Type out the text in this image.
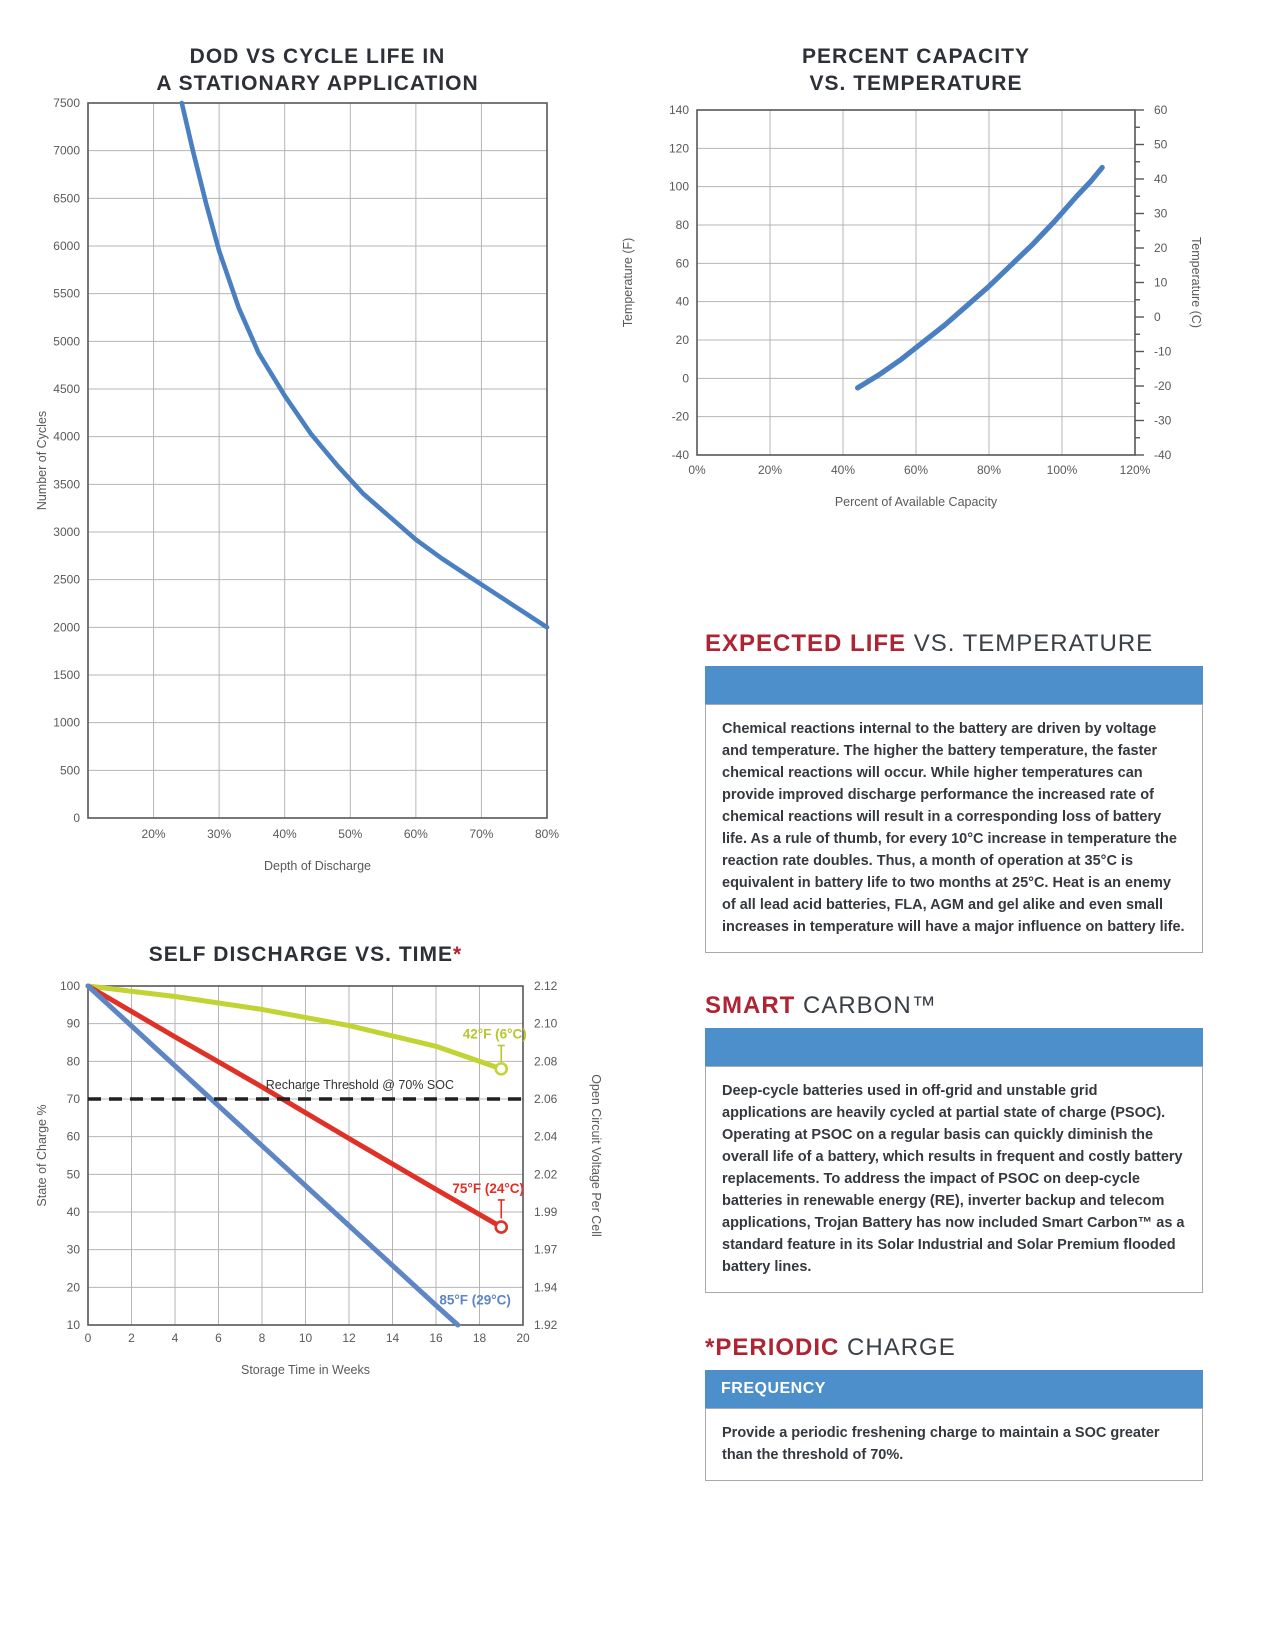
DOD VS CYCLE LIFE IN
A STATIONARY APPLICATION
20%	30%	40%	50%	60%	70%	80%
0
500
1000
1500
2000
2500
3000
3500
4000
4500
5000
5500
6000
6500
7000
7500
Depth of Discharge
Number of Cycles
PERCENT CAPACITY
VS. TEMPERATURE
-40
-30
-20
-10
0
10
20
30
40
50
60
Temperature (C)
0%	20%	40%	60%	80%	100%	120%
-40
-20
0
20
40
60
80
100
120
140
Percent of Available Capacity
Temperature (F)
SELF DISCHARGE VS. TIME*
2.12
2.10
2.08
2.06
2.04
2.02
1.99
1.97
1.94
1.92
Open Circuit Voltage Per Cell
0	2	4	6	8	10	12	14	16	18	20
100
90
80
70
60
50
40
30
20
10
Storage Time in Weeks
State of Charge %
Recharge Threshold @ 70% SOC
42°F (6°C)
75°F (24°C)
85°F (29°C)
EXPECTED LIFE VS. TEMPERATURE
Chemical reactions internal to the battery are driven by voltage and temperature. The higher the battery temperature, the faster chemical reactions will occur. While higher temperatures can provide improved discharge performance the increased rate of chemical reactions will result in a corresponding loss of battery life. As a rule of thumb, for every 10°C increase in temperature the reaction rate doubles. Thus, a month of operation at 35°C is equivalent in battery life to two months at 25°C. Heat is an enemy of all lead acid batteries, FLA, AGM and gel alike and even small increases in temperature will have a major influence on battery life.
SMART CARBON™
Deep-cycle batteries used in off-grid and unstable grid applications are heavily cycled at partial state of charge (PSOC). Operating at PSOC on a regular basis can quickly diminish the overall life of a battery, which results in frequent and costly battery replacements. To address the impact of PSOC on deep-cycle batteries in renewable energy (RE), inverter backup and telecom applications, Trojan Battery has now included Smart Carbon™ as a standard feature in its Solar Industrial and Solar Premium flooded battery lines.
*PERIODIC CHARGE
FREQUENCY
Provide a periodic freshening charge to maintain a SOC greater than the threshold of 70%.
